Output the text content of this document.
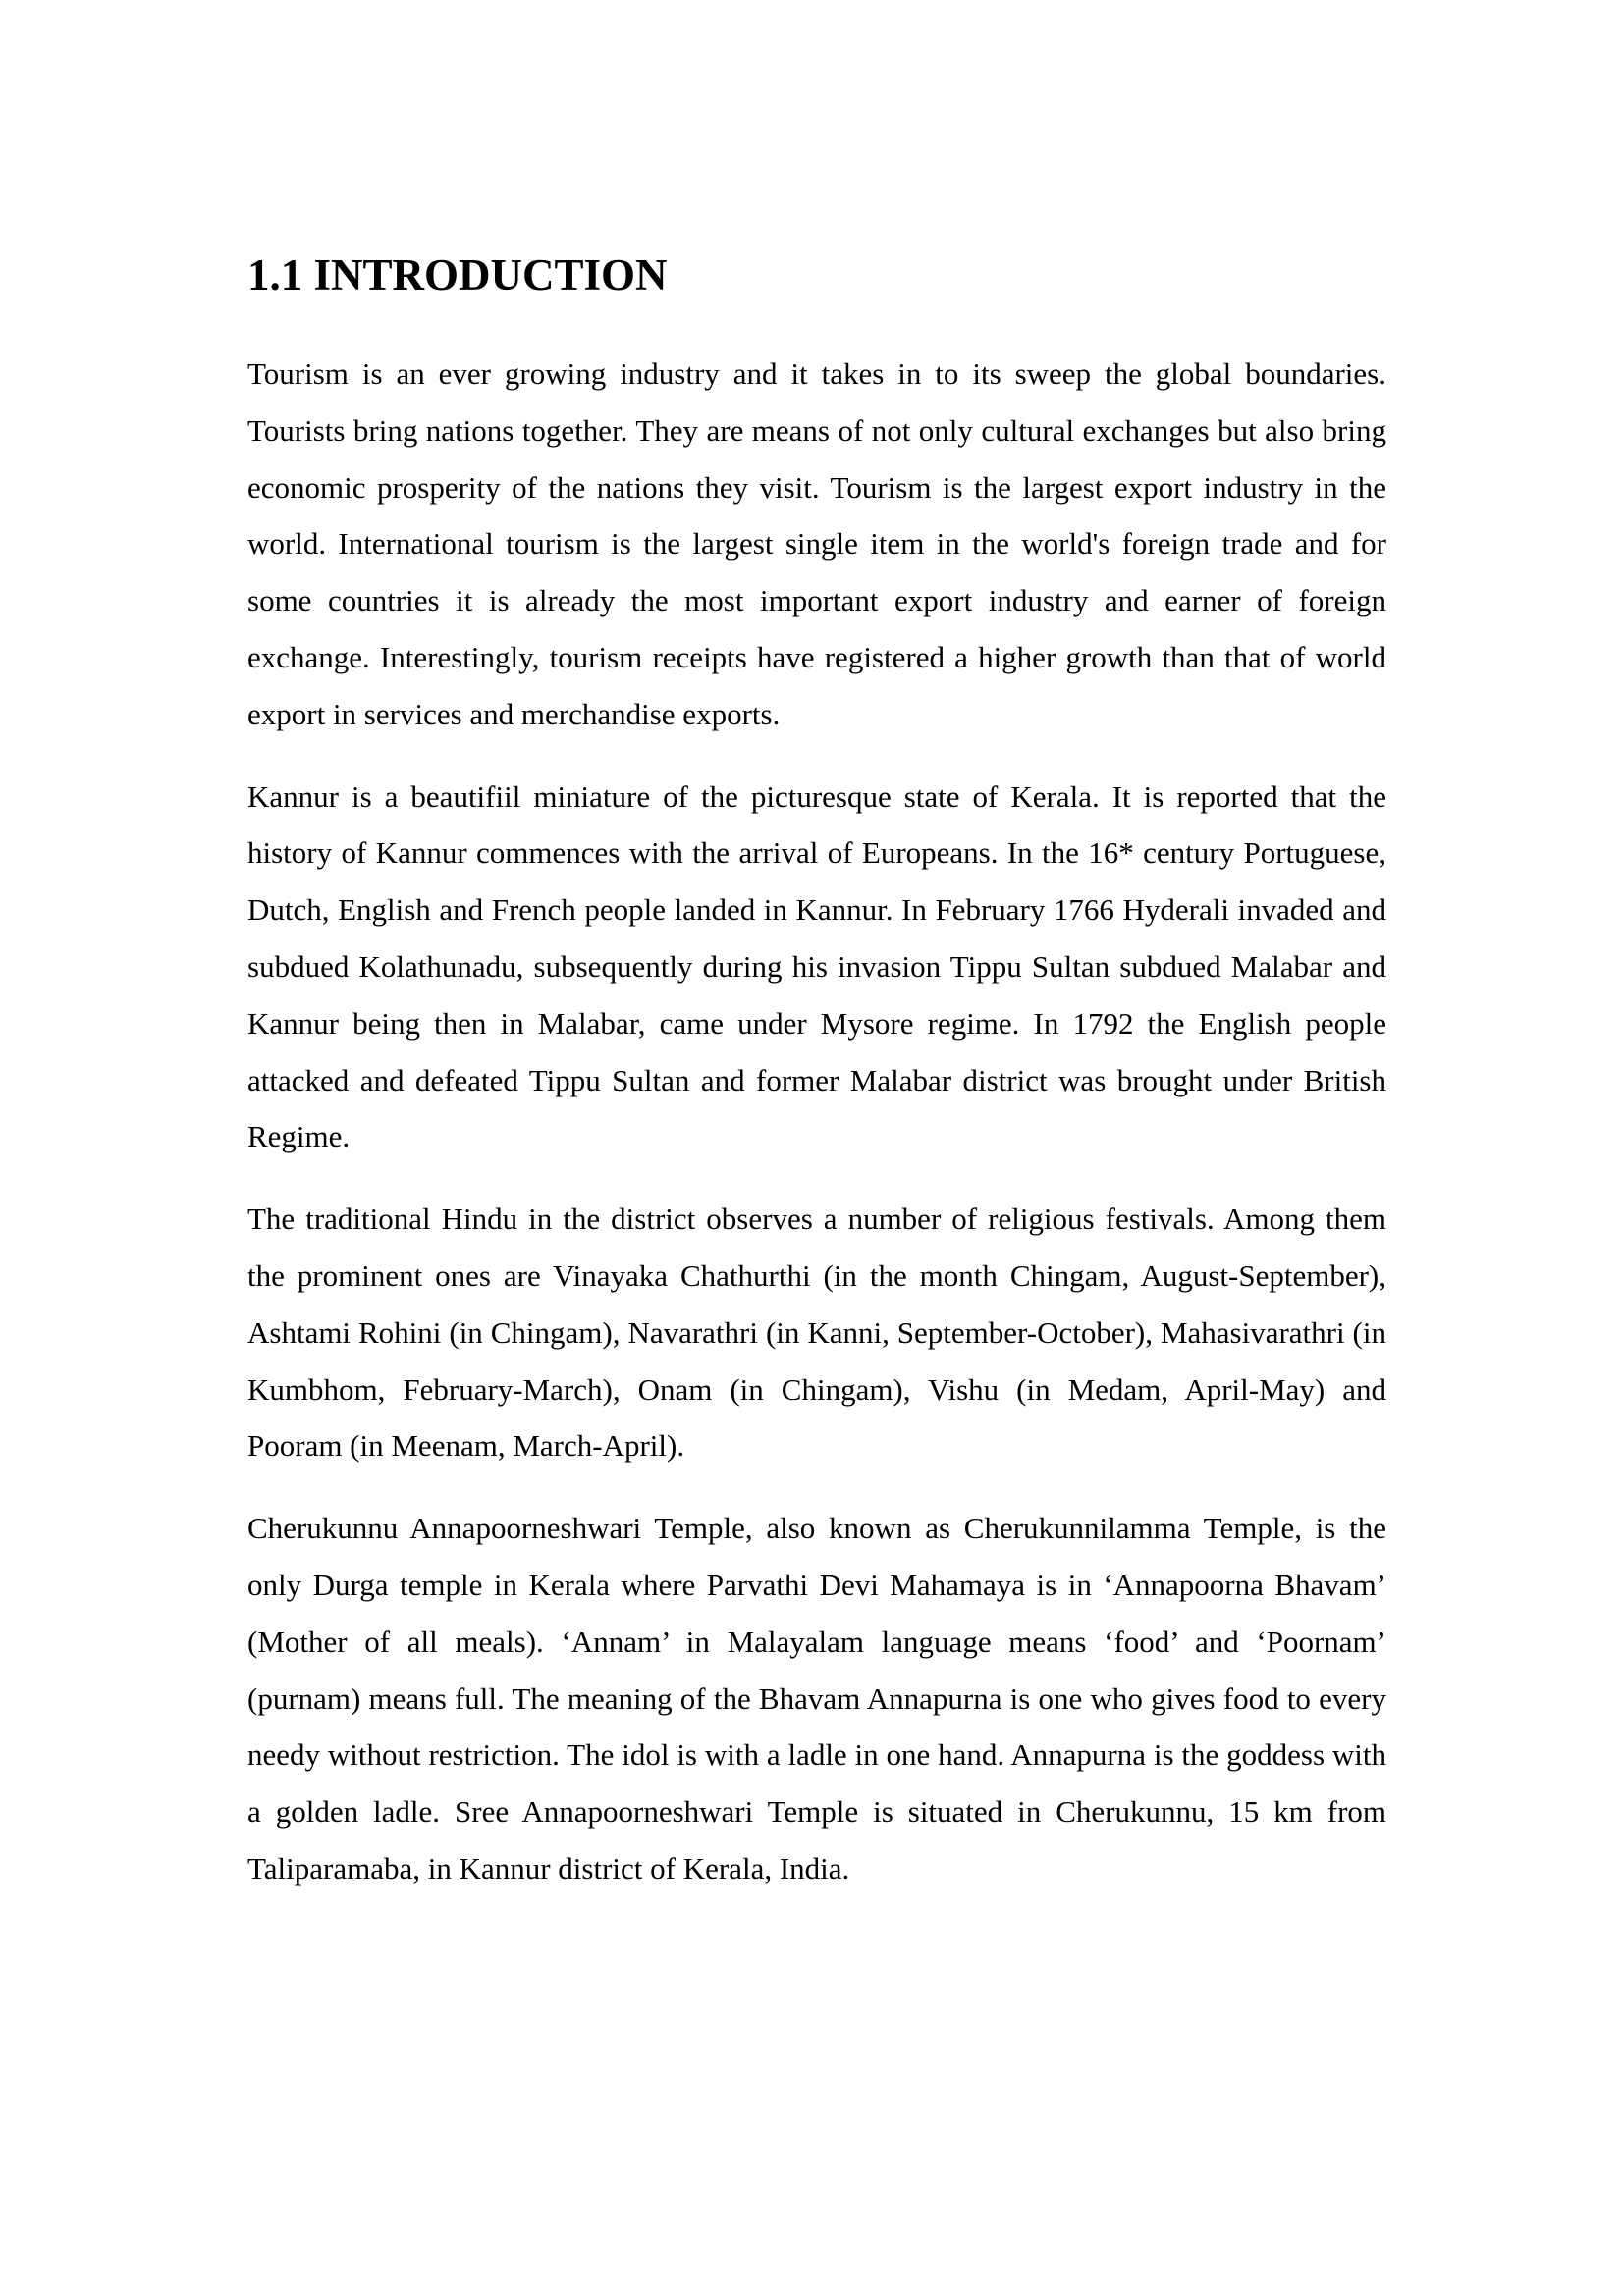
1.1 INTRODUCTION

Tourism is an ever growing industry and it takes in to its sweep the global boundaries. Tourists bring nations together. They are means of not only cultural exchanges but also bring economic prosperity of the nations they visit. Tourism is the largest export industry in the world. International tourism is the largest single item in the world's foreign trade and for some countries it is already the most important export industry and earner of foreign exchange. Interestingly, tourism receipts have registered a higher growth than that of world export in services and merchandise exports.

Kannur is a beautifiil miniature of the picturesque state of Kerala. It is reported that the history of Kannur commences with the arrival of Europeans. In the 16* century Portuguese, Dutch, English and French people landed in Kannur. In February 1766 Hyderali invaded and subdued Kolathunadu, subsequently during his invasion Tippu Sultan subdued Malabar and Kannur being then in Malabar, came under Mysore regime. In 1792 the English people attacked and defeated Tippu Sultan and former Malabar district was brought under British Regime.

The traditional Hindu in the district observes a number of religious festivals. Among them the prominent ones are Vinayaka Chathurthi (in the month Chingam, August-September), Ashtami Rohini (in Chingam), Navarathri (in Kanni, September-October), Mahasivarathri (in Kumbhom, February-March), Onam (in Chingam), Vishu (in Medam, April-May) and Pooram (in Meenam, March-April).

Cherukunnu Annapoorneshwari Temple, also known as Cherukunnilamma Temple, is the only Durga temple in Kerala where Parvathi Devi Mahamaya is in ‘Annapoorna Bhavam’ (Mother of all meals). ‘Annam’ in Malayalam language means ‘food’ and ‘Poornam’ (purnam) means full. The meaning of the Bhavam Annapurna is one who gives food to every needy without restriction. The idol is with a ladle in one hand. Annapurna is the goddess with a golden ladle. Sree Annapoorneshwari Temple is situated in Cherukunnu, 15 km from Taliparamaba, in Kannur district of Kerala, India.
